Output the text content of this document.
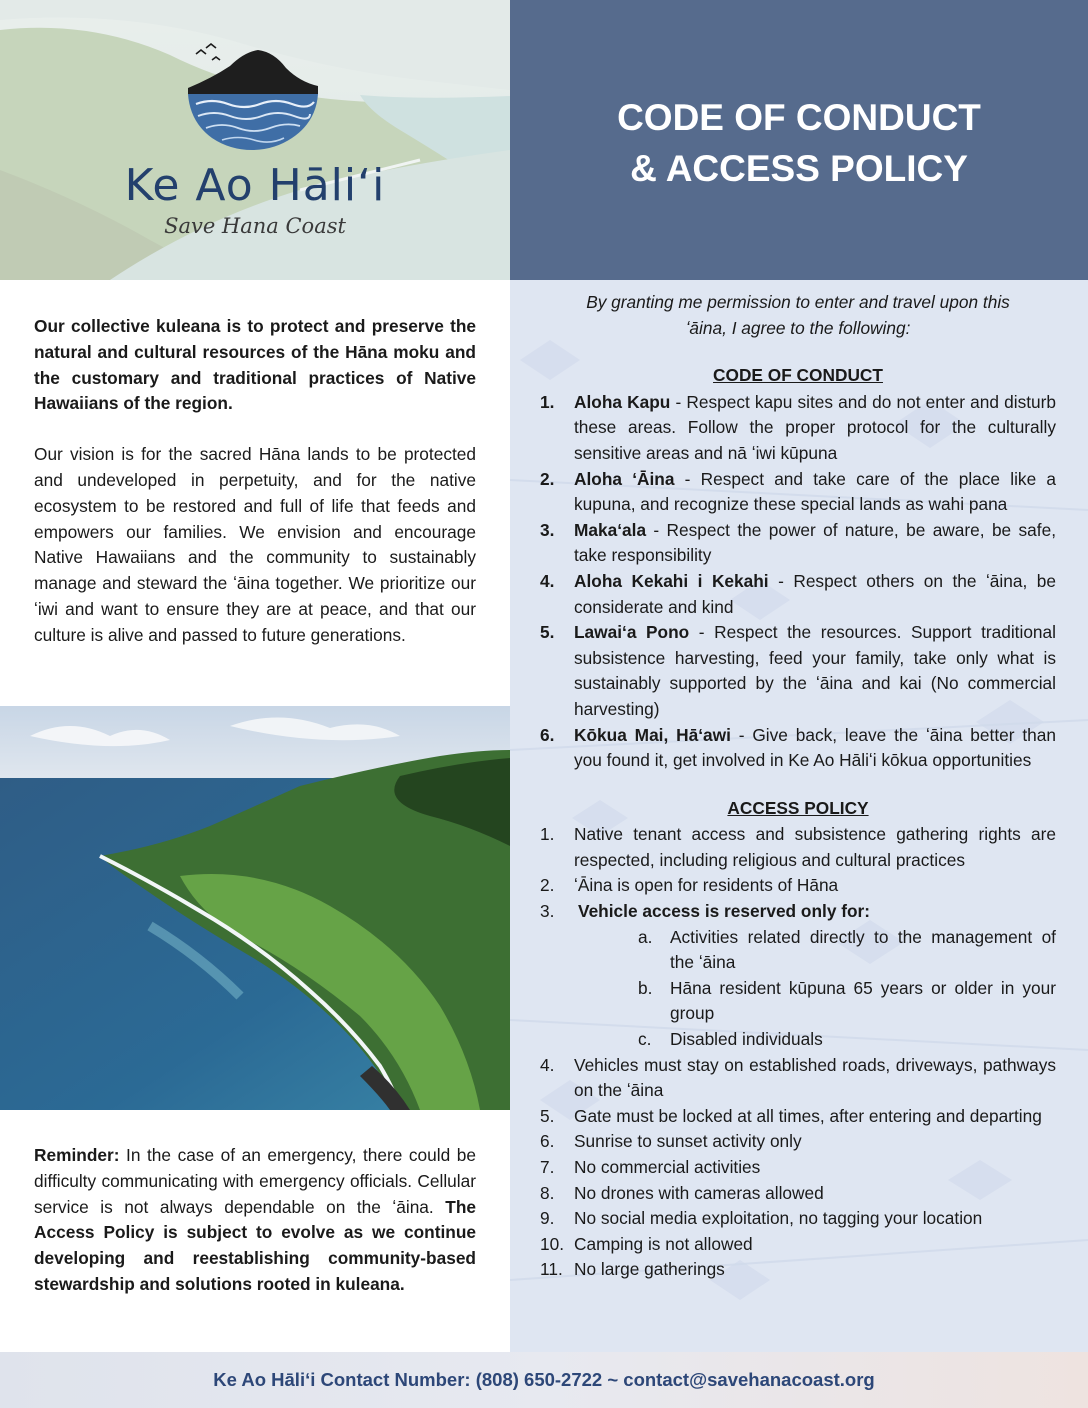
Ke Ao Hāliʻi
Save Hana Coast
CODE OF CONDUCT
& ACCESS POLICY

Our collective kuleana is to protect and preserve the natural and cultural resources of the Hāna moku and the customary and traditional practices of Native Hawaiians of the region.

Our vision is for the sacred Hāna lands to be protected and undeveloped in perpetuity, and for the native ecosystem to be restored and full of life that feeds and empowers our families. We envision and encourage Native Hawaiians and the community to sustainably manage and steward the ʻāina together. We prioritize our ʻiwi and want to ensure they are at peace, and that our culture is alive and passed to future generations.

Reminder: In the case of an emergency, there could be difficulty communicating with emergency officials. Cellular service is not always dependable on the ʻāina. The Access Policy is subject to evolve as we continue developing and reestablishing community-based stewardship and solutions rooted in kuleana.
By granting me permission to enter and travel upon this ʻāina, I agree to the following:
CODE OF CONDUCT
1. Aloha Kapu - Respect kapu sites and do not enter and disturb these areas. Follow the proper protocol for the culturally sensitive areas and nā ʻiwi kūpuna
2. Aloha ʻĀina - Respect and take care of the place like a kupuna, and recognize these special lands as wahi pana
3. Makaʻala - Respect the power of nature, be aware, be safe, take responsibility
4. Aloha Kekahi i Kekahi - Respect others on the ʻāina, be considerate and kind
5. Lawaiʻa Pono - Respect the resources. Support traditional subsistence harvesting, feed your family, take only what is sustainably supported by the ʻāina and kai (No commercial harvesting)
6. Kōkua Mai, Hāʻawi - Give back, leave the ʻāina better than you found it, get involved in Ke Ao Hāliʻi kōkua opportunities
ACCESS POLICY
1. Native tenant access and subsistence gathering rights are respected, including religious and cultural practices
2. ʻĀina is open for residents of Hāna
3. Vehicle access is reserved only for:
a. Activities related directly to the management of the ʻāina
b. Hāna resident kūpuna 65 years or older in your group
c. Disabled individuals
4. Vehicles must stay on established roads, driveways, pathways on the ʻāina
5. Gate must be locked at all times, after entering and departing
6. Sunrise to sunset activity only
7. No commercial activities
8. No drones with cameras allowed
9. No social media exploitation, no tagging your location
10. Camping is not allowed
11. No large gatherings
Ke Ao Hāliʻi Contact Number: (808) 650-2722 ~ contact@savehanacoast.org
